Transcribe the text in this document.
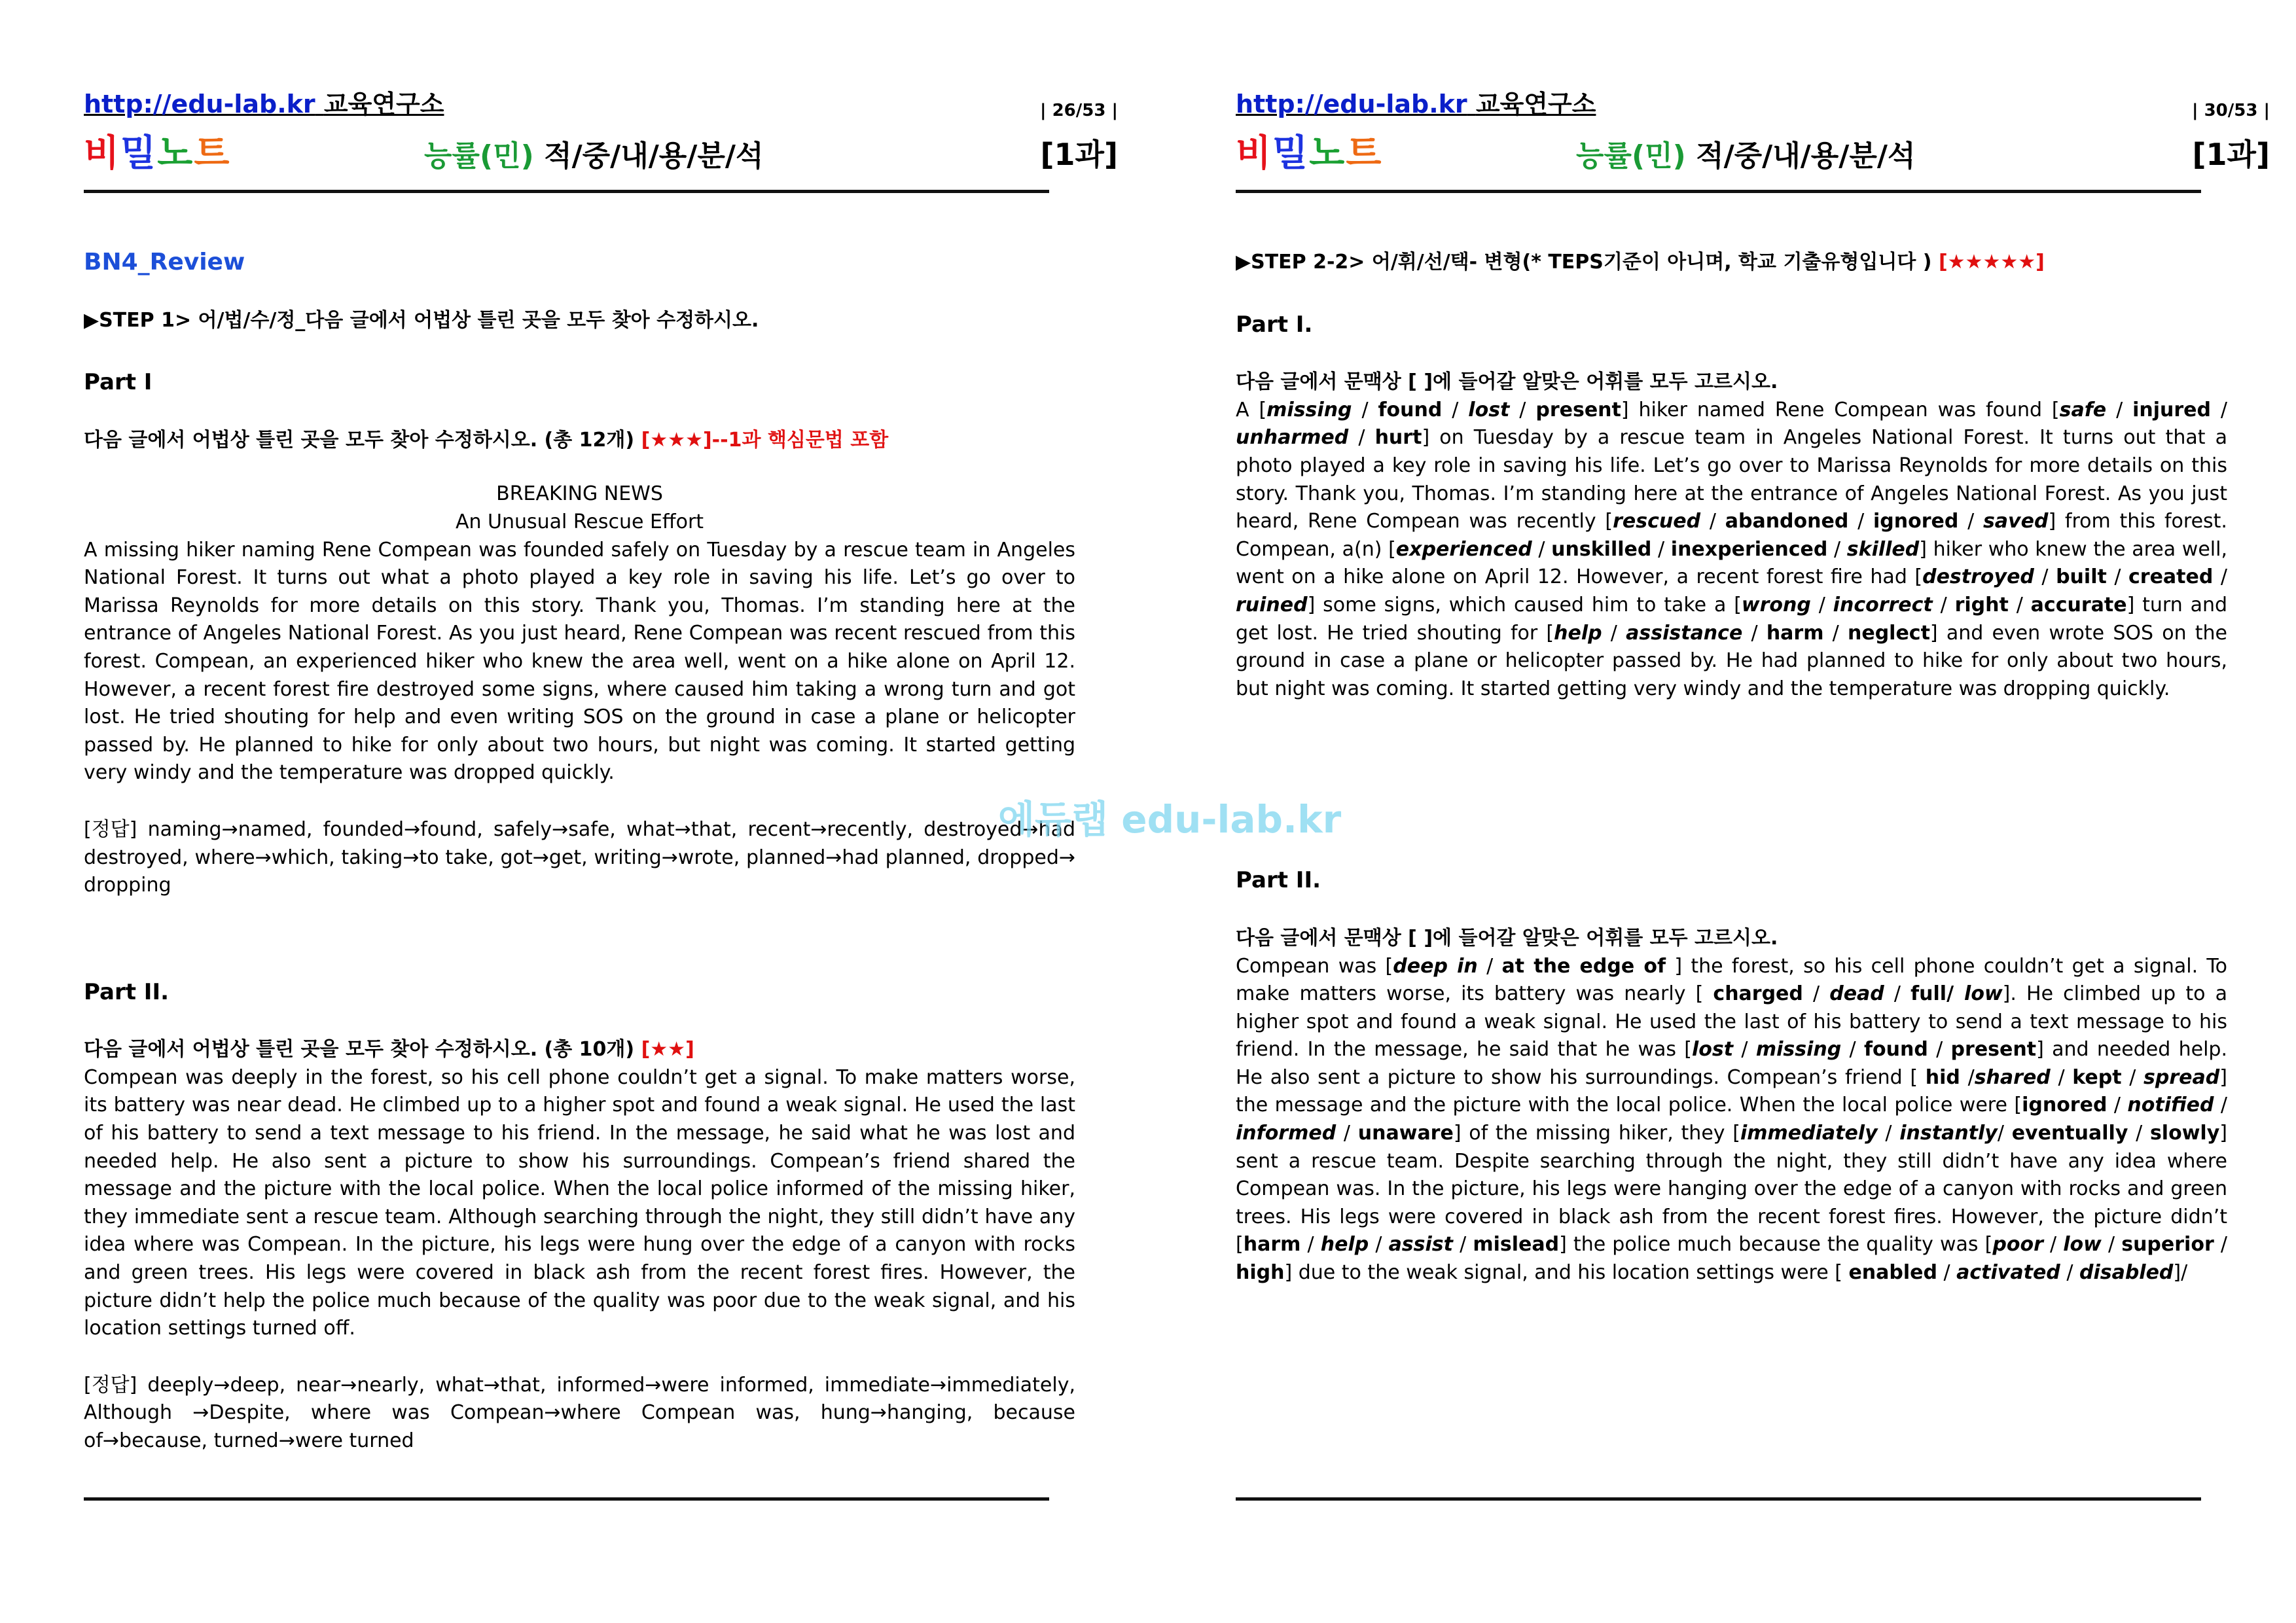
http://edu-lab.kr 교육연구소	| 26/53 |
비밀노트	능률(민) 적/중/내/용/분/석	[1과]
BN4_Review
▶STEP 1> 어/법/수/정_다음 글에서 어법상 틀린 곳을 모두 찾아 수정하시오.
Part I

다음 글에서 어법상 틀린 곳을 모두 찾아 수정하시오. (총 12개) [★★★]--1과 핵심문법 포함

BREAKING NEWS

An Unusual Rescue Effort

A missing hiker naming Rene Compean was founded safely on Tuesday by a rescue team in Angeles National Forest. It turns out what a photo played a key role in saving his life. Let’s go over to Marissa Reynolds for more details on this story. Thank you, Thomas. I’m standing here at the entrance of Angeles National Forest. As you just heard, Rene Compean was recent rescued from this forest. Compean, an experienced hiker who knew the area well, went on a hike alone on April 12. However, a recent forest fire destroyed some signs, where caused him taking a wrong turn and got lost. He tried shouting for help and even writing SOS on the ground in case a plane or helicopter passed by. He planned to hike for only about two hours, but night was coming. It started getting very windy and the temperature was dropped quickly.

[정답] naming→named, founded→found, safely→safe, what→that, recent→recently, destroyed→had destroyed, where→which, taking→to take, got→get, writing→wrote, planned→had planned, dropped→ dropping

Part II.

다음 글에서 어법상 틀린 곳을 모두 찾아 수정하시오. (총 10개) [★★]

Compean was deeply in the forest, so his cell phone couldn’t get a signal. To make matters worse, its battery was near dead. He climbed up to a higher spot and found a weak signal. He used the last of his battery to send a text message to his friend. In the message, he said what he was lost and needed help. He also sent a picture to show his surroundings. Compean’s friend shared the message and the picture with the local police. When the local police informed of the missing hiker, they immediate sent a rescue team. Although searching through the night, they still didn’t have any idea where was Compean. In the picture, his legs were hung over the edge of a canyon with rocks and green trees. His legs were covered in black ash from the recent forest fires. However, the picture didn’t help the police much because of the quality was poor due to the weak signal, and his location settings turned off.

[정답] deeply→deep, near→nearly, what→that, informed→were informed, immediate→immediately, Although →Despite, where was Compean→where Compean was, hung→hanging, because of→because, turned→were turned

http://edu-lab.kr 교육연구소	| 30/53 |
비밀노트	능률(민) 적/중/내/용/분/석	[1과]
▶STEP 2-2> 어/휘/선/택- 변형(* TEPS기준이 아니며, 학교 기출유형입니다 ) [★★★★★]
Part I.

다음 글에서 문맥상 [ ]에 들어갈 알맞은 어휘를 모두 고르시오.

A [missing / found / lost / present] hiker named Rene Compean was found [safe / injured / unharmed / hurt] on Tuesday by a rescue team in Angeles National Forest. It turns out that a photo played a key role in saving his life. Let’s go over to Marissa Reynolds for more details on this story. Thank you, Thomas. I’m standing here at the entrance of Angeles National Forest. As you just heard, Rene Compean was recently [rescued / abandoned / ignored / saved] from this forest. Compean, a(n) [experienced / unskilled / inexperienced / skilled] hiker who knew the area well, went on a hike alone on April 12. However, a recent forest fire had [destroyed / built / created / ruined] some signs, which caused him to take a [wrong / incorrect / right / accurate] turn and get lost. He tried shouting for [help / assistance / harm / neglect] and even wrote SOS on the ground in case a plane or helicopter passed by. He had planned to hike for only about two hours, but night was coming. It started getting very windy and the temperature was dropping quickly.

Part II.

다음 글에서 문맥상 [ ]에 들어갈 알맞은 어휘를 모두 고르시오.

Compean was [deep in / at the edge of ] the forest, so his cell phone couldn’t get a signal. To make matters worse, its battery was nearly [ charged / dead / full/ low]. He climbed up to a higher spot and found a weak signal. He used the last of his battery to send a text message to his friend. In the message, he said that he was [lost / missing / found / present] and needed help. He also sent a picture to show his surroundings. Compean’s friend [ hid /shared / kept / spread] the message and the picture with the local police. When the local police were [ignored / notified / informed / unaware] of the missing hiker, they [immediately / instantly/ eventually / slowly] sent a rescue team. Despite searching through the night, they still didn’t have any idea where Compean was. In the picture, his legs were hanging over the edge of a canyon with rocks and green trees. His legs were covered in black ash from the recent forest fires. However, the picture didn’t [harm / help / assist / mislead] the police much because the quality was [poor / low / superior / high] due to the weak signal, and his location settings were [ enabled / activated / disabled]/

에듀랩 edu-lab.kr
